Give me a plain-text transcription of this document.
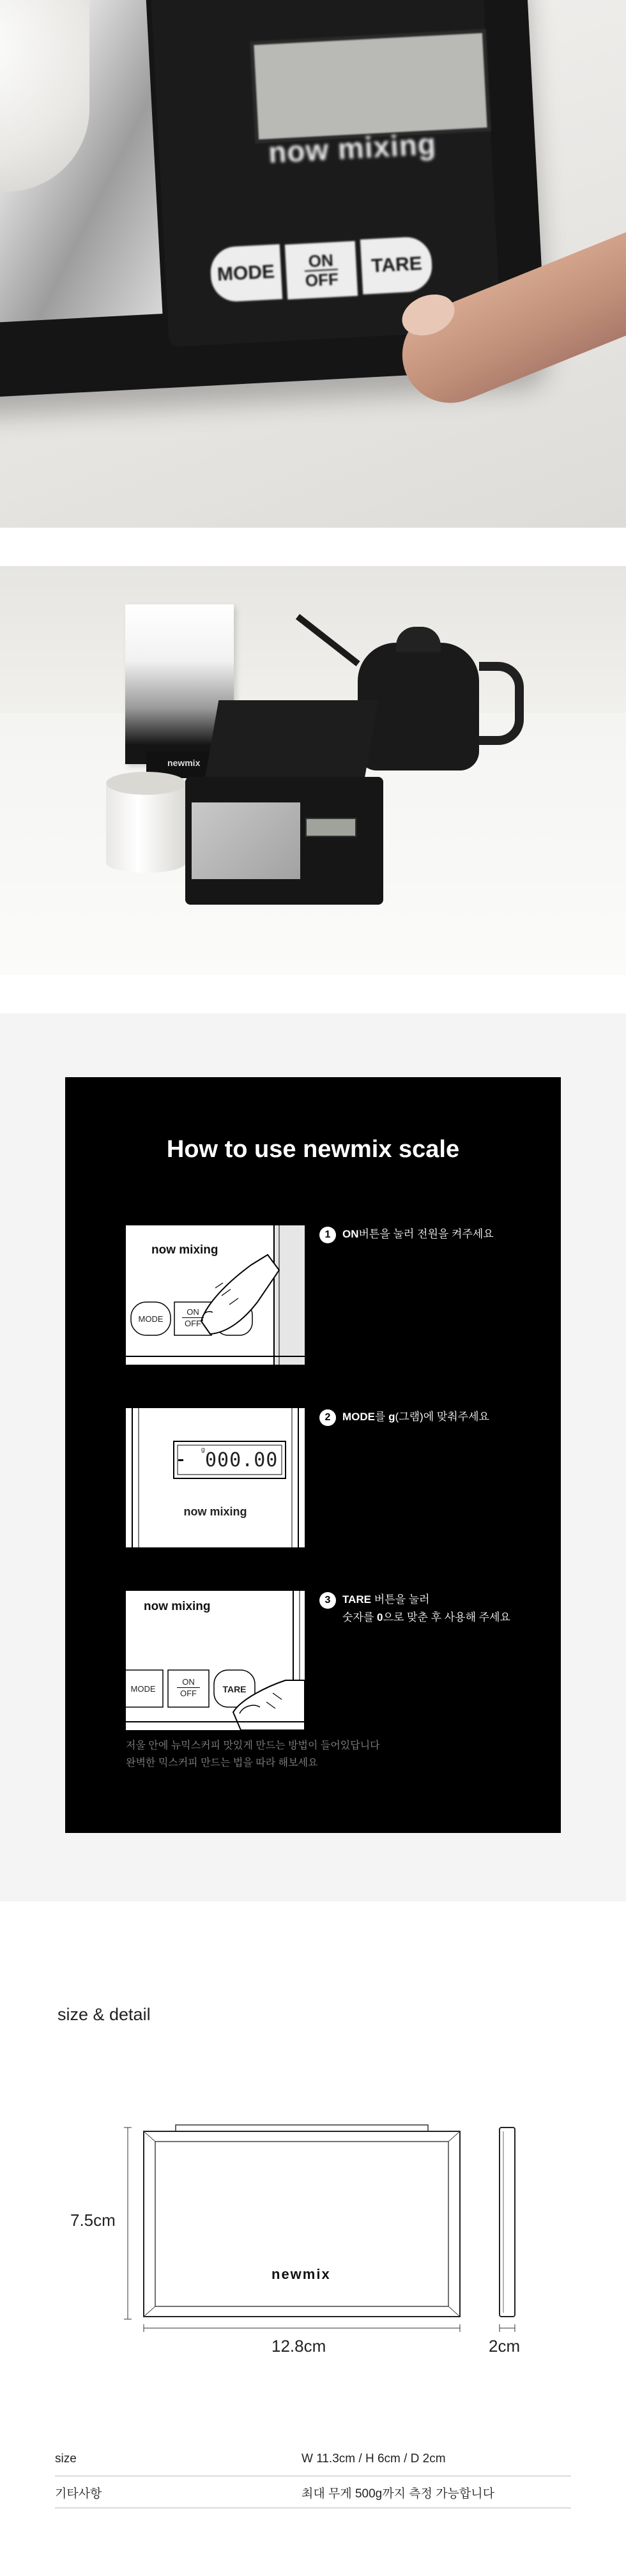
now mixing
MODE
ON
OFF
TARE
newmix
How to use newmix scale
now mixing
MODE
ON
OFF
1 ON버튼을 눌러 전원을 켜주세요
g 000.00
now mixing
2 MODE를 g(그램)에 맞춰주세요
now mixing
MODE
ON
OFF	TARE
3 TARE 버튼을 눌러
숫자를 0으로 맞춘 후 사용해 주세요
저울 안에 뉴믹스커피 맛있게 만드는 방법이 들어있답니다
완벽한 믹스커피 만드는 법을 따라 해보세요
size & detail
newmix
7.5cm
12.8cm	2cm
size	W 11.3cm / H 6cm / D 2cm
기타사항	최대 무게 500g까지 측정 가능합니다
